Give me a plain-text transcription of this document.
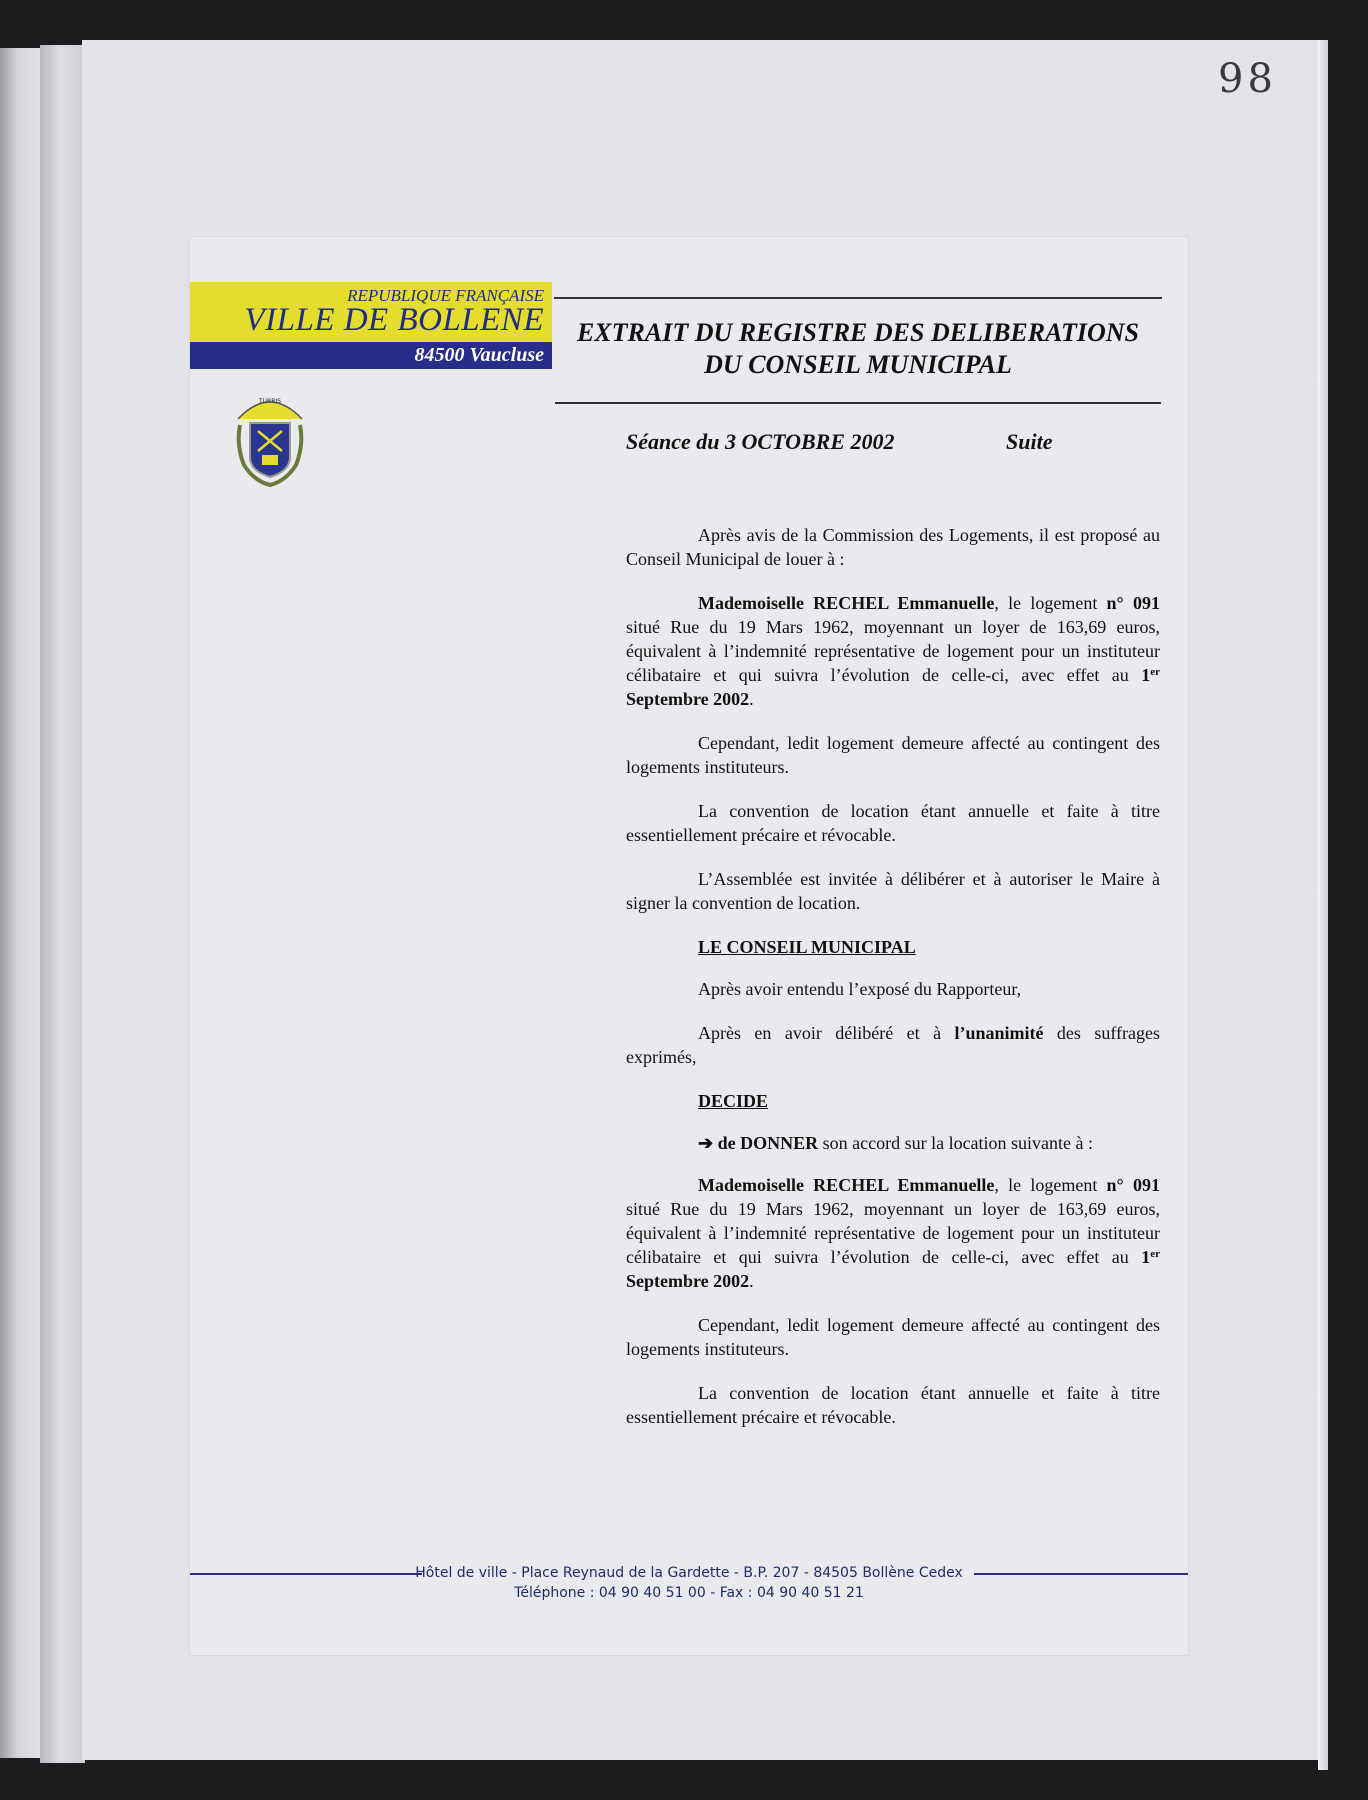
98
REPUBLIQUE FRANÇAISE
VILLE DE BOLLENE
84500 Vaucluse
TURRIS
EXTRAIT DU REGISTRE DES DELIBERATIONS
DU CONSEIL MUNICIPAL
Séance du 3 OCTOBRE 2002	Suite

Après avis de la Commission des Logements, il est proposé au Conseil Municipal de louer à :

Mademoiselle RECHEL Emmanuelle, le logement n° 091 situé Rue du 19 Mars 1962, moyennant un loyer de 163,69 euros, équivalent à l’indemnité représentative de logement pour un instituteur célibataire et qui suivra l’évolution de celle-ci, avec effet au 1er Septembre 2002.

Cependant, ledit logement demeure affecté au contingent des logements instituteurs.

La convention de location étant annuelle et faite à titre essentiellement précaire et révocable.

L’Assemblée est invitée à délibérer et à autoriser le Maire à signer la convention de location.

LE CONSEIL MUNICIPAL

Après avoir entendu l’exposé du Rapporteur,

Après en avoir délibéré et à l’unanimité des suffrages exprimés,

DECIDE

➔ de DONNER son accord sur la location suivante à :

Mademoiselle RECHEL Emmanuelle, le logement n° 091 situé Rue du 19 Mars 1962, moyennant un loyer de 163,69 euros, équivalent à l’indemnité représentative de logement pour un instituteur célibataire et qui suivra l’évolution de celle-ci, avec effet au 1er Septembre 2002.

Cependant, ledit logement demeure affecté au contingent des logements instituteurs.

La convention de location étant annuelle et faite à titre essentiellement précaire et révocable.

Hôtel de ville - Place Reynaud de la Gardette - B.P. 207 - 84505 Bollène Cedex
Téléphone : 04 90 40 51 00 - Fax : 04 90 40 51 21
